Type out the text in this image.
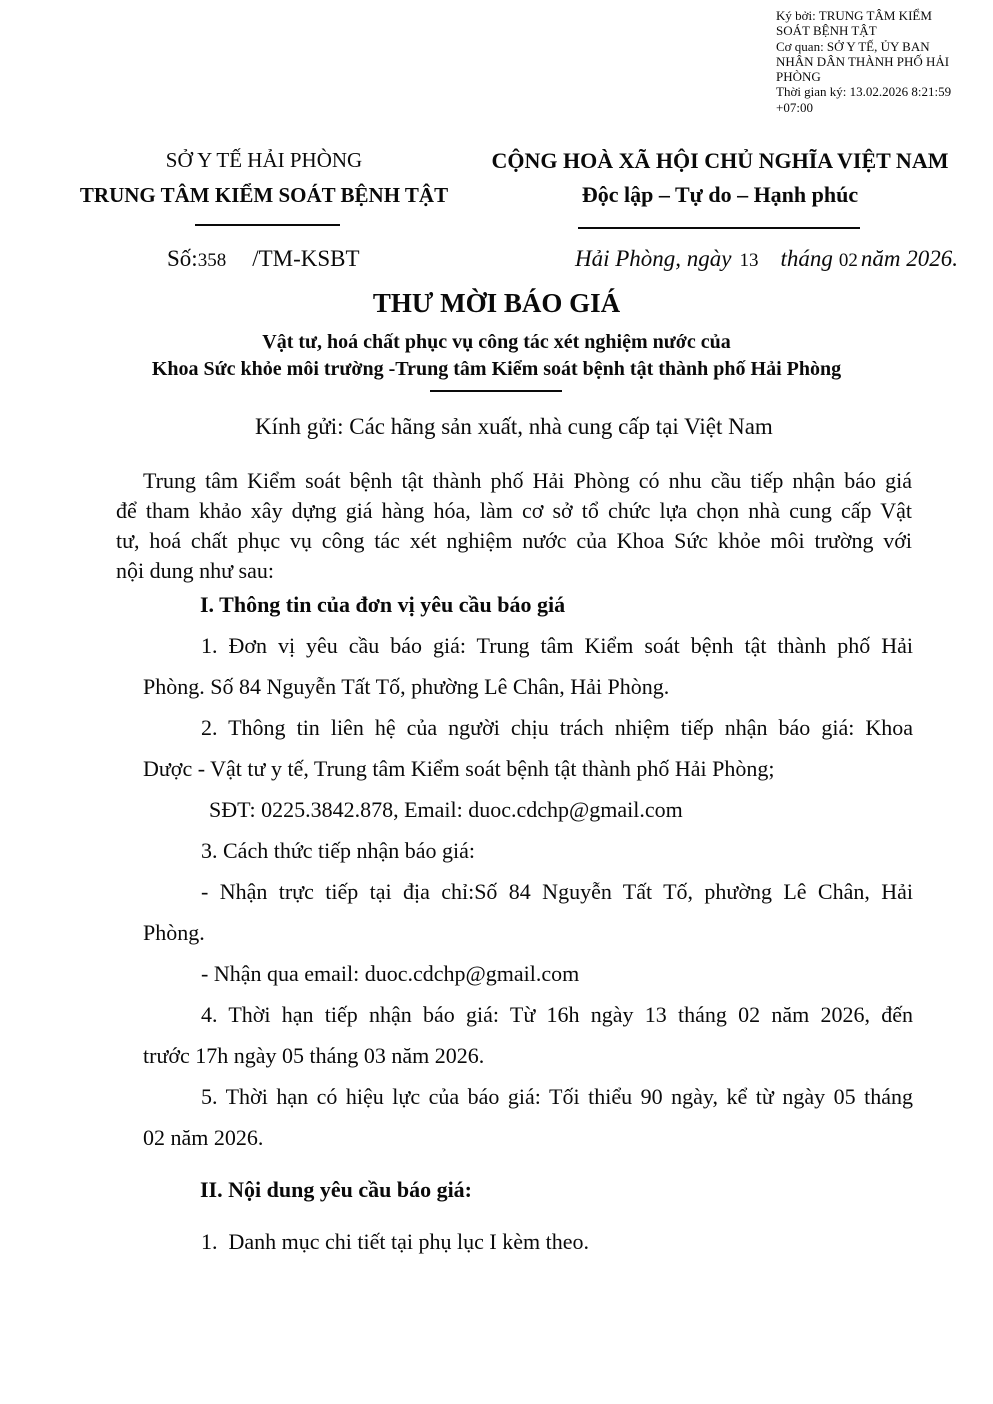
Ký bởi: TRUNG TÂM KIỂM
SOÁT BỆNH TẬT
Cơ quan: SỞ Y TẾ, ỦY BAN
NHÂN DÂN THÀNH PHỐ HẢI
PHÒNG
Thời gian ký: 13.02.2026 8:21:59
+07:00
SỞ Y TẾ HẢI PHÒNG
TRUNG TÂM KIỂM SOÁT BỆNH TẬT
CỘNG HOÀ XÃ HỘI CHỦ NGHĨA VIỆT NAM
Độc lập – Tự do – Hạnh phúc
Số:358 /TM-KSBT	Hải Phòng, ngày 13 tháng 02 năm 2026.
THƯ MỜI BÁO GIÁ
Vật tư, hoá chất phục vụ công tác xét nghiệm nước của
Khoa Sức khỏe môi trường -Trung tâm Kiểm soát bệnh tật thành phố Hải Phòng
Kính gửi: Các hãng sản xuất, nhà cung cấp tại Việt Nam
Trung tâm Kiểm soát bệnh tật thành phố Hải Phòng có nhu cầu tiếp nhận báo giá
để tham khảo xây dựng giá hàng hóa, làm cơ sở tổ chức lựa chọn nhà cung cấp Vật
tư, hoá chất phục vụ công tác xét nghiệm nước của Khoa Sức khỏe môi trường với
nội dung như sau:
I. Thông tin của đơn vị yêu cầu báo giá
1. Đơn vị yêu cầu báo giá: Trung tâm Kiểm soát bệnh tật thành phố Hải
Phòng. Số 84 Nguyễn Tất Tố, phường Lê Chân, Hải Phòng.
2. Thông tin liên hệ của người chịu trách nhiệm tiếp nhận báo giá: Khoa
Dược - Vật tư y tế, Trung tâm Kiểm soát bệnh tật thành phố Hải Phòng;
SĐT: 0225.3842.878, Email: duoc.cdchp@gmail.com
3. Cách thức tiếp nhận báo giá:
- Nhận trực tiếp tại địa chỉ:Số 84 Nguyễn Tất Tố, phường Lê Chân, Hải
Phòng.
- Nhận qua email: duoc.cdchp@gmail.com
4. Thời hạn tiếp nhận báo giá: Từ 16h ngày 13 tháng 02 năm 2026, đến
trước 17h ngày 05 tháng 03 năm 2026.
5. Thời hạn có hiệu lực của báo giá: Tối thiểu 90 ngày, kể từ ngày 05 tháng
02 năm 2026.
II. Nội dung yêu cầu báo giá:
1.  Danh mục chi tiết tại phụ lục I kèm theo.
